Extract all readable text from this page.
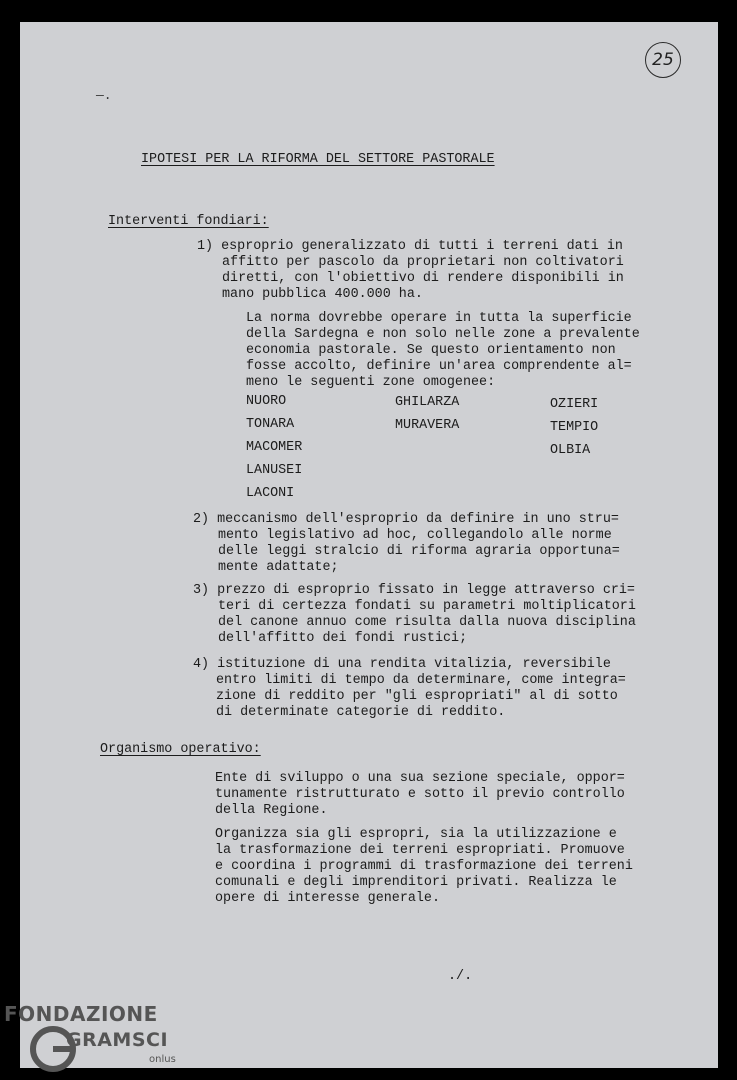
25
—.
IPOTESI PER LA RIFORMA DEL SETTORE PASTORALE
Interventi fondiari:
1) esproprio generalizzato di tutti i terreni dati in
affitto per pascolo da proprietari non coltivatori
diretti, con l'obiettivo di rendere disponibili in
mano pubblica 400.000 ha.
La norma dovrebbe operare in tutta la superficie
della Sardegna e non solo nelle zone a prevalente
economia pastorale. Se questo orientamento non
fosse accolto, definire un'area comprendente al=
meno le seguenti zone omogenee:
NUORO
TONARA
MACOMER
LANUSEI
LACONI
GHILARZA
MURAVERA
OZIERI
TEMPIO
OLBIA
2) meccanismo dell'esproprio da definire in uno stru=
mento legislativo ad hoc, collegandolo alle norme
delle leggi stralcio di riforma agraria opportuna=
mente adattate;
3) prezzo di esproprio fissato in legge attraverso cri=
teri di certezza fondati su parametri moltiplicatori
del canone annuo come risulta dalla nuova disciplina
dell'affitto dei fondi rustici;
4) istituzione di una rendita vitalizia, reversibile
entro limiti di tempo da determinare, come integra=
zione di reddito per "gli espropriati" al di sotto
di determinate categorie di reddito.
Organismo operativo:
Ente di sviluppo o una sua sezione speciale, oppor=
tunamente ristrutturato e sotto il previo controllo
della Regione.
Organizza sia gli espropri, sia la utilizzazione e
la trasformazione dei terreni espropriati. Promuove
e coordina i programmi di trasformazione dei terreni
comunali e degli imprenditori privati. Realizza le
opere di interesse generale.
./.
FONDAZIONE
GRAMSCI
onlus
